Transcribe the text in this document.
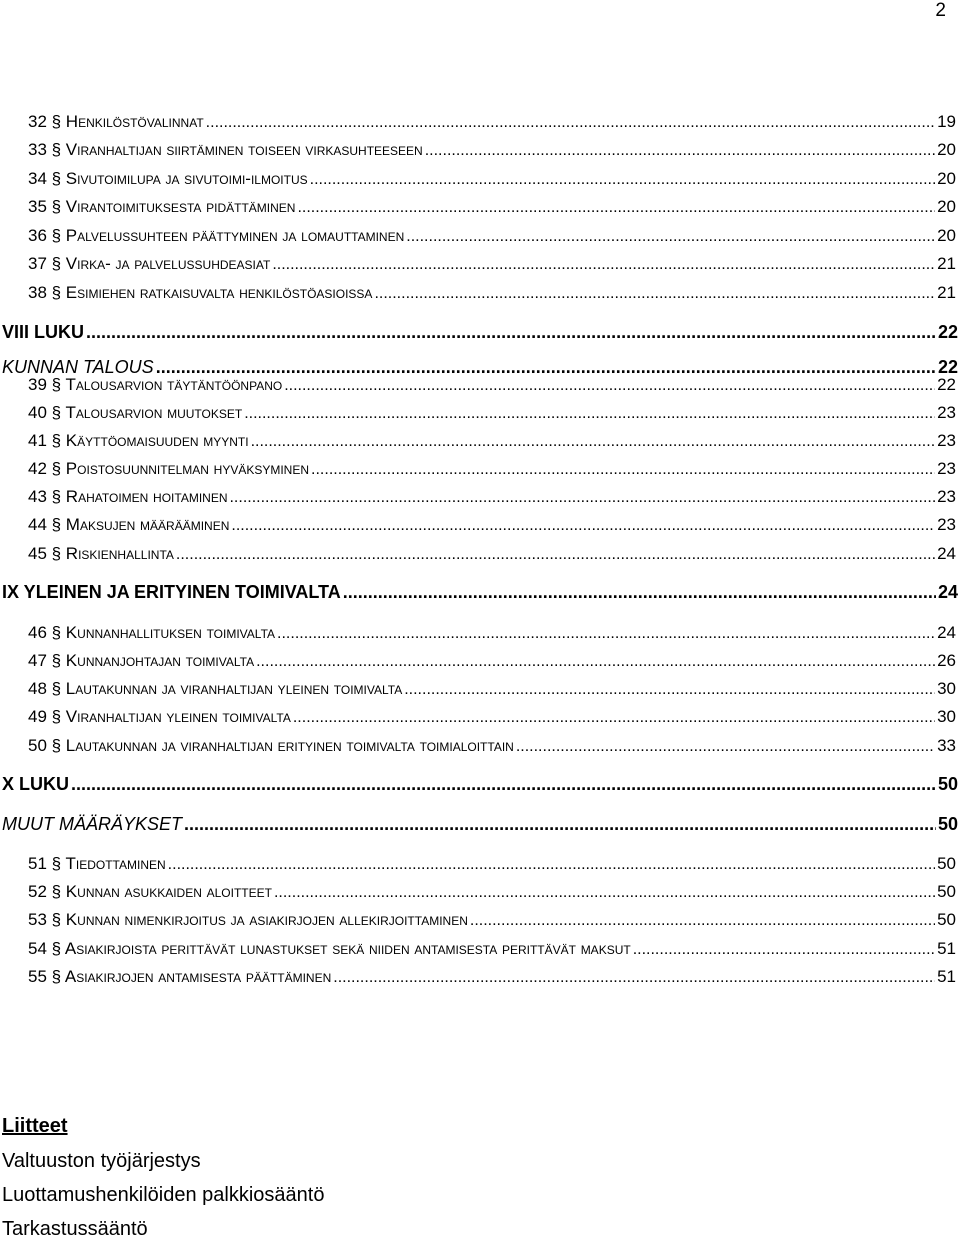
2
32 § Henkilöstövalinnat .....	19
33 § Viranhaltijan siirtäminen toiseen virkasuhteeseen .....	20
34 § Sivutoimilupa ja sivutoimi-ilmoitus .....	20
35 § Virantoimituksesta pidättäminen .....	20
36 § Palvelussuhteen päättyminen ja lomauttaminen .....	20
37 § Virka- ja palvelussuhdeasiat .....	21
38 § Esimiehen ratkaisuvalta henkilöstöasioissa .....	21
VIII LUKU .....	22
KUNNAN TALOUS .....	22
39 § Talousarvion täytäntöönpano .....	22
40 § Talousarvion muutokset .....	23
41 § Käyttöomaisuuden myynti .....	23
42 § Poistosuunnitelman hyväksyminen .....	23
43 § Rahatoimen hoitaminen .....	23
44 § Maksujen määrääminen .....	23
45 § Riskienhallinta .....	24
IX YLEINEN JA ERITYINEN TOIMIVALTA .....	24
46 § Kunnanhallituksen toimivalta .....	24
47 § Kunnanjohtajan toimivalta .....	26
48 § Lautakunnan ja viranhaltijan yleinen toimivalta .....	30
49 § Viranhaltijan yleinen toimivalta .....	30
50 § Lautakunnan ja viranhaltijan erityinen toimivalta toimialoittain .....	33
X LUKU .....	50
MUUT MÄÄRÄYKSET .....	50
51 § Tiedottaminen .....	50
52 § Kunnan asukkaiden aloitteet .....	50
53 § Kunnan nimenkirjoitus ja asiakirjojen allekirjoittaminen .....	50
54 § Asiakirjoista perittävät lunastukset sekä niiden antamisesta perittävät maksut .....	51
55 § Asiakirjojen antamisesta päättäminen .....	51
Liitteet
Valtuuston työjärjestys
Luottamushenkilöiden palkkiosääntö
Tarkastussääntö
